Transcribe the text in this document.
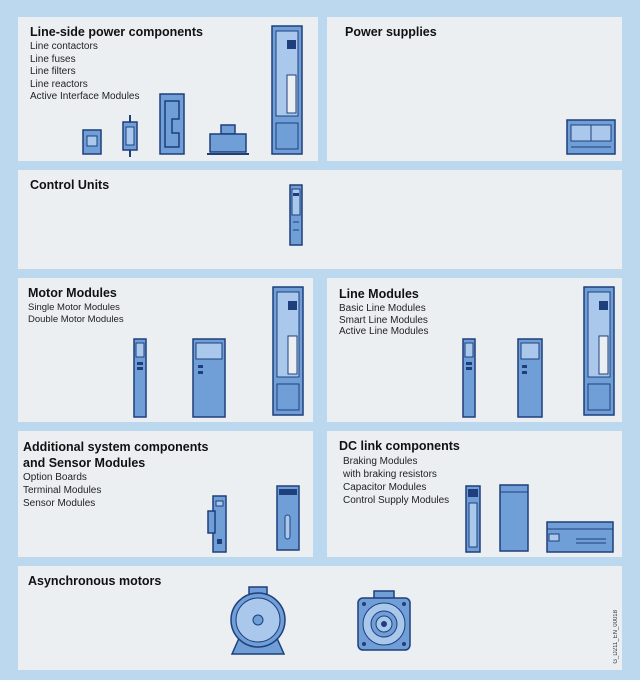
Line-side power components
Line contactors
Line fuses
Line filters
Line reactors
Active Interface Modules
Power supplies
Control Units
Motor Modules
Single Motor Modules
Double Motor Modules
Line Modules
Basic Line Modules
Smart Line Modules
Active Line Modules
Additional system components and Sensor Modules
Option Boards
Terminal Modules
Sensor Modules
DC link components
Braking Modules
with braking resistors
Capacitor Modules
Control Supply Modules
Asynchronous motors
G_D211_EN_00018
